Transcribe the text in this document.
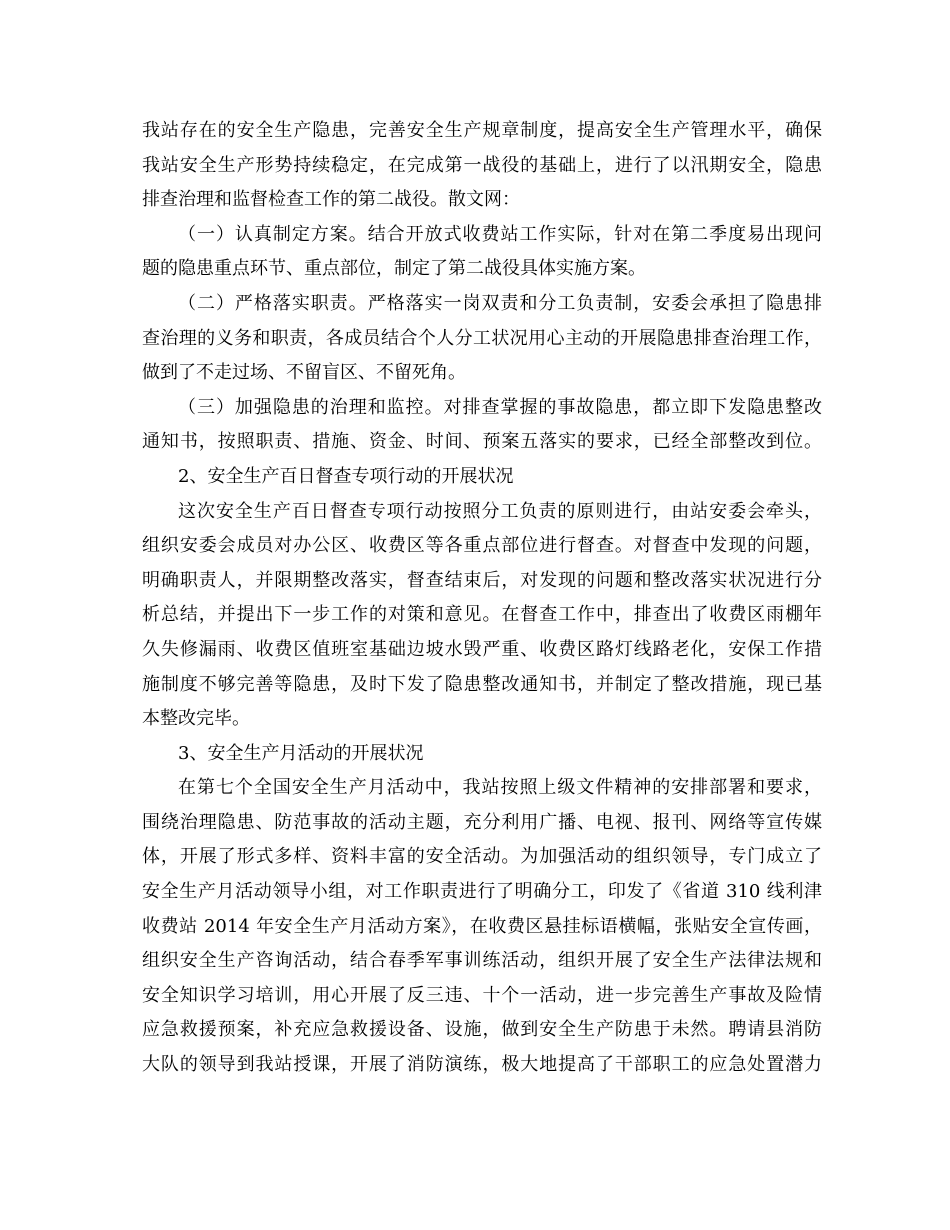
我站存在的安全生产隐患，完善安全生产规章制度，提高安全生产管理水平，确保
我站安全生产形势持续稳定，在完成第一战役的基础上，进行了以汛期安全，隐患
排查治理和监督检查工作的第二战役。散文网：
（一）认真制定方案。结合开放式收费站工作实际，针对在第二季度易出现问
题的隐患重点环节、重点部位，制定了第二战役具体实施方案。
（二）严格落实职责。严格落实一岗双责和分工负责制，安委会承担了隐患排
查治理的义务和职责，各成员结合个人分工状况用心主动的开展隐患排查治理工作，
做到了不走过场、不留盲区、不留死角。
（三）加强隐患的治理和监控。对排查掌握的事故隐患，都立即下发隐患整改
通知书，按照职责、措施、资金、时间、预案五落实的要求，已经全部整改到位。
2、安全生产百日督查专项行动的开展状况
这次安全生产百日督查专项行动按照分工负责的原则进行，由站安委会牵头，
组织安委会成员对办公区、收费区等各重点部位进行督查。对督查中发现的问题，
明确职责人，并限期整改落实，督查结束后，对发现的问题和整改落实状况进行分
析总结，并提出下一步工作的对策和意见。在督查工作中，排查出了收费区雨棚年
久失修漏雨、收费区值班室基础边坡水毁严重、收费区路灯线路老化，安保工作措
施制度不够完善等隐患，及时下发了隐患整改通知书，并制定了整改措施，现已基
本整改完毕。
3、安全生产月活动的开展状况
在第七个全国安全生产月活动中，我站按照上级文件精神的安排部署和要求，
围绕治理隐患、防范事故的活动主题，充分利用广播、电视、报刊、网络等宣传媒
体，开展了形式多样、资料丰富的安全活动。为加强活动的组织领导，专门成立了
安全生产月活动领导小组，对工作职责进行了明确分工，印发了《省道 310 线利津
收费站 2014 年安全生产月活动方案》，在收费区悬挂标语横幅，张贴安全宣传画，
组织安全生产咨询活动，结合春季军事训练活动，组织开展了安全生产法律法规和
安全知识学习培训，用心开展了反三违、十个一活动，进一步完善生产事故及险情
应急救援预案，补充应急救援设备、设施，做到安全生产防患于未然。聘请县消防
大队的领导到我站授课，开展了消防演练，极大地提高了干部职工的应急处置潜力
